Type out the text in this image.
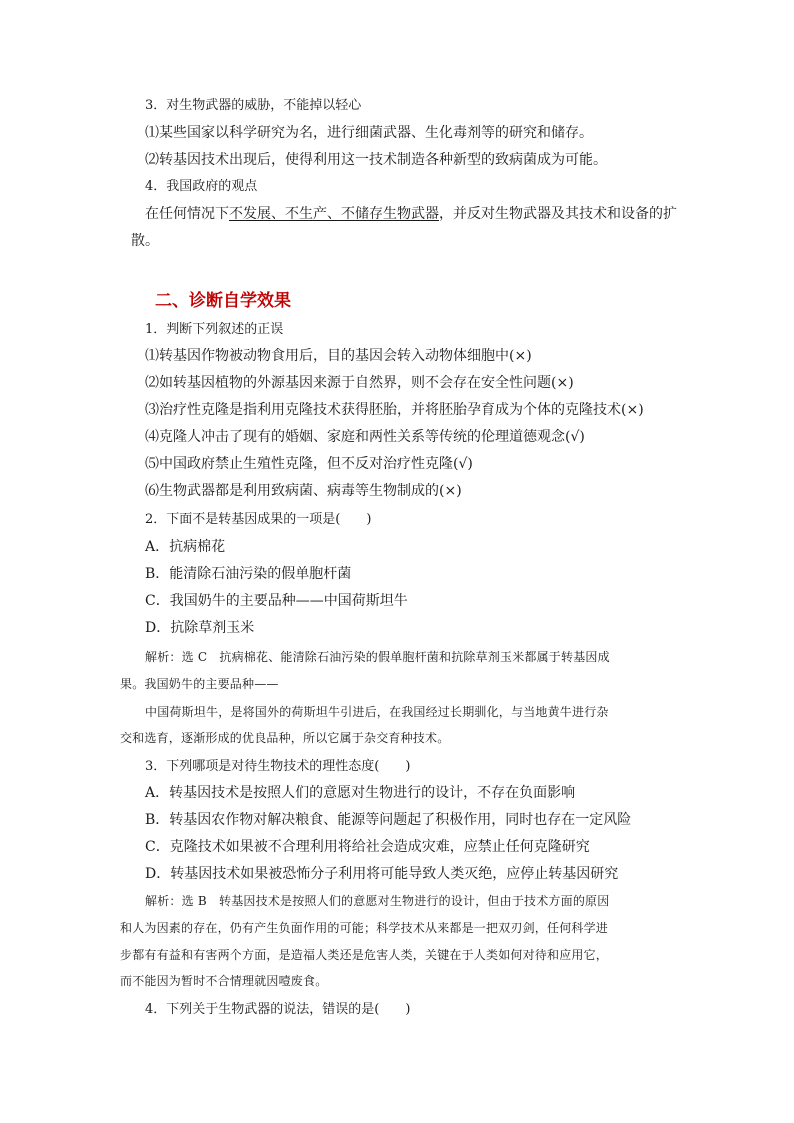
3．对生物武器的威胁，不能掉以轻心
⑴某些国家以科学研究为名，进行细菌武器、生化毒剂等的研究和储存。
⑵转基因技术出现后，使得利用这一技术制造各种新型的致病菌成为可能。
4．我国政府的观点
在任何情况下不发展、不生产、不储存生物武器，并反对生物武器及其技术和设备的扩
散。
二、诊断自学效果
1．判断下列叙述的正误
⑴转基因作物被动物食用后，目的基因会转入动物体细胞中(×)
⑵如转基因植物的外源基因来源于自然界，则不会存在安全性问题(×)
⑶治疗性克隆是指利用克隆技术获得胚胎，并将胚胎孕育成为个体的克隆技术(×)
⑷克隆人冲击了现有的婚姻、家庭和两性关系等传统的伦理道德观念(√)
⑸中国政府禁止生殖性克隆，但不反对治疗性克隆(√)
⑹生物武器都是利用致病菌、病毒等生物制成的(×)
2．下面不是转基因成果的一项是(　　)
A．抗病棉花
B．能清除石油污染的假单胞杆菌
C．我国奶牛的主要品种——中国荷斯坦牛
D．抗除草剂玉米
解析：选 C　抗病棉花、能清除石油污染的假单胞杆菌和抗除草剂玉米都属于转基因成
果。我国奶牛的主要品种——
中国荷斯坦牛，是将国外的荷斯坦牛引进后，在我国经过长期驯化，与当地黄牛进行杂
交和选育，逐渐形成的优良品种，所以它属于杂交育种技术。
3．下列哪项是对待生物技术的理性态度(　　)
A．转基因技术是按照人们的意愿对生物进行的设计，不存在负面影响
B．转基因农作物对解决粮食、能源等问题起了积极作用，同时也存在一定风险
C．克隆技术如果被不合理利用将给社会造成灾难，应禁止任何克隆研究
D．转基因技术如果被恐怖分子利用将可能导致人类灭绝，应停止转基因研究
解析：选 B　转基因技术是按照人们的意愿对生物进行的设计，但由于技术方面的原因
和人为因素的存在，仍有产生负面作用的可能；科学技术从来都是一把双刃剑，任何科学进
步都有有益和有害两个方面，是造福人类还是危害人类，关键在于人类如何对待和应用它，
而不能因为暂时不合情理就因噎废食。
4．下列关于生物武器的说法，错误的是(　　)
